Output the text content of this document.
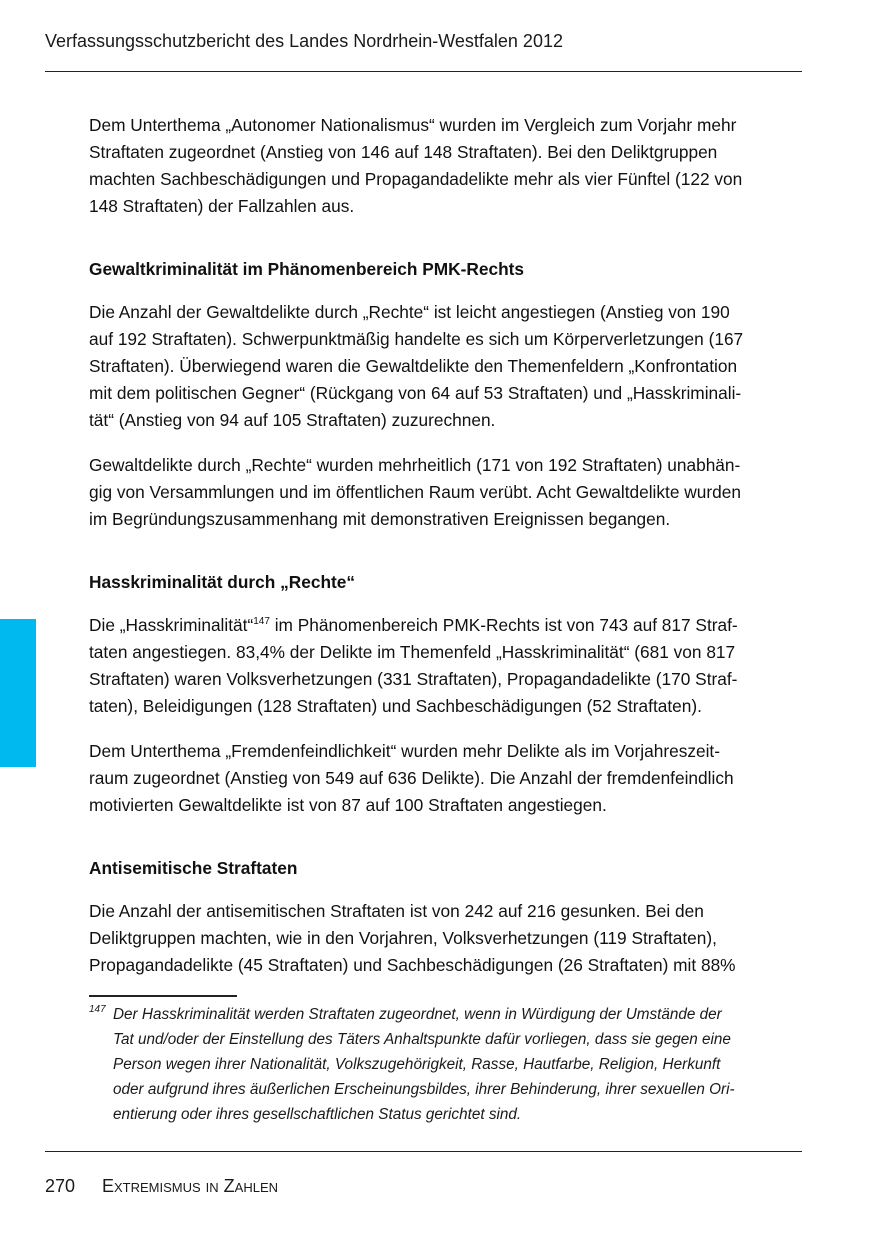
Verfassungsschutzbericht des Landes Nordrhein-Westfalen 2012

Dem Unterthema „Autonomer Nationalismus“ wurden im Vergleich zum Vorjahr mehr
Straftaten zugeordnet (Anstieg von 146 auf 148 Straftaten). Bei den Deliktgruppen
machten Sachbeschädigungen und Propagandadelikte mehr als vier Fünftel (122 von
148 Straftaten) der Fallzahlen aus.

Gewaltkriminalität im Phänomenbereich PMK-Rechts

Die Anzahl der Gewaltdelikte durch „Rechte“ ist leicht angestiegen (Anstieg von 190
auf 192 Straftaten). Schwerpunktmäßig handelte es sich um Körperverletzungen (167
Straftaten). Überwiegend waren die Gewaltdelikte den Themenfeldern „Konfrontation
mit dem politischen Gegner“ (Rückgang von 64 auf 53 Straftaten) und „Hasskriminali-
tät“ (Anstieg von 94 auf 105 Straftaten) zuzurechnen.

Gewaltdelikte durch „Rechte“ wurden mehrheitlich (171 von 192 Straftaten) unabhän-
gig von Versammlungen und im öffentlichen Raum verübt. Acht Gewaltdelikte wurden
im Begründungszusammenhang mit demonstrativen Ereignissen begangen.

Hasskriminalität durch „Rechte“

Die „Hasskriminalität“$^{147}$ im Phänomenbereich PMK-Rechts ist von 743 auf 817 Straf-
taten angestiegen. 83,4% der Delikte im Themenfeld „Hasskriminalität“ (681 von 817
Straftaten) waren Volksverhetzungen (331 Straftaten), Propagandadelikte (170 Straf-
taten), Beleidigungen (128 Straftaten) und Sachbeschädigungen (52 Straftaten).

Dem Unterthema „Fremdenfeindlichkeit“ wurden mehr Delikte als im Vorjahreszeit-
raum zugeordnet (Anstieg von 549 auf 636 Delikte). Die Anzahl der fremdenfeindlich
motivierten Gewaltdelikte ist von 87 auf 100 Straftaten angestiegen.

Antisemitische Straftaten

Die Anzahl der antisemitischen Straftaten ist von 242 auf 216 gesunken. Bei den
Deliktgruppen machten, wie in den Vorjahren, Volksverhetzungen (119 Straftaten),
Propagandadelikte (45 Straftaten) und Sachbeschädigungen (26 Straftaten) mit 88%

147 Der Hasskriminalität werden Straftaten zugeordnet, wenn in Würdigung der Umstände der
Tat und/oder der Einstellung des Täters Anhaltspunkte dafür vorliegen, dass sie gegen eine
Person wegen ihrer Nationalität, Volkszugehörigkeit, Rasse, Hautfarbe, Religion, Herkunft
oder aufgrund ihres äußerlichen Erscheinungsbildes, ihrer Behinderung, ihrer sexuellen Ori-
entierung oder ihres gesellschaftlichen Status gerichtet sind.
270 Extremismus in Zahlen
